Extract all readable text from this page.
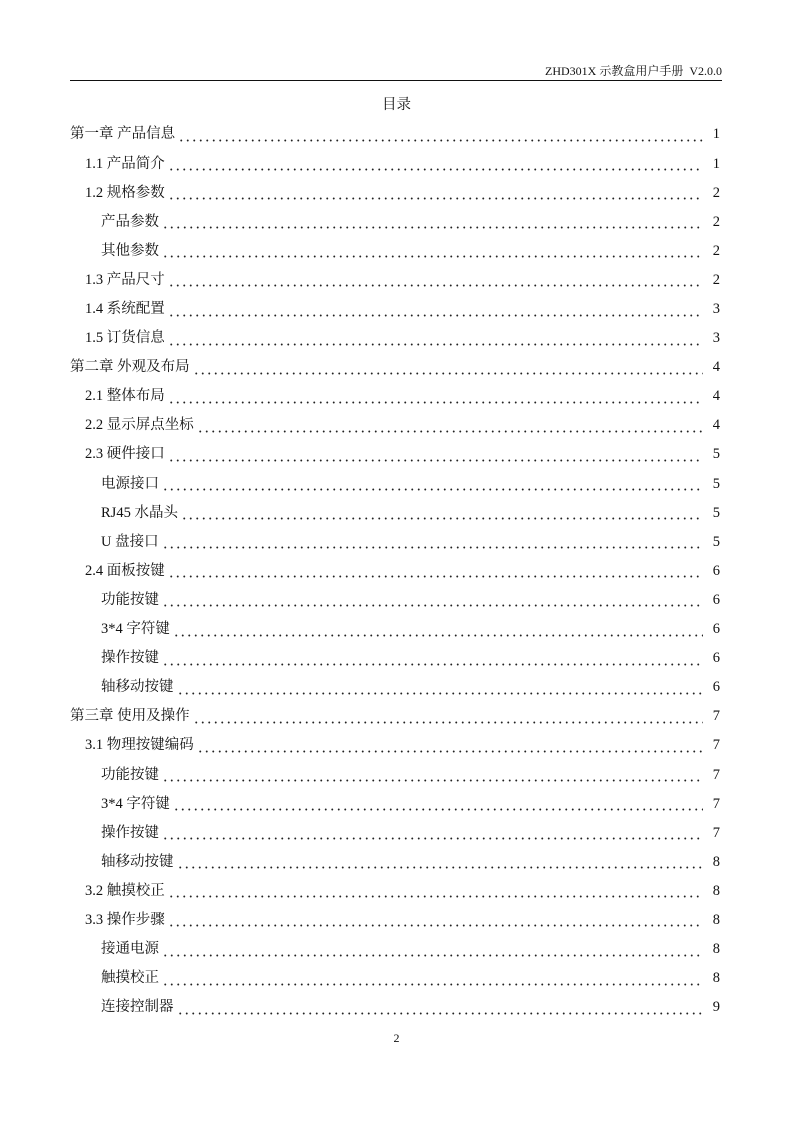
ZHD301X 示教盒用户手册  V2.0.0
目录
第一章 产品信息	1
1.1 产品简介	1
1.2 规格参数	2
产品参数	2
其他参数	2
1.3 产品尺寸	2
1.4 系统配置	3
1.5 订货信息	3
第二章 外观及布局	4
2.1 整体布局	4
2.2 显示屏点坐标	4
2.3 硬件接口	5
电源接口	5
RJ45 水晶头	5
U 盘接口	5
2.4 面板按键	6
功能按键	6
3*4 字符键	6
操作按键	6
轴移动按键	6
第三章 使用及操作	7
3.1 物理按键编码	7
功能按键	7
3*4 字符键	7
操作按键	7
轴移动按键	8
3.2 触摸校正	8
3.3 操作步骤	8
接通电源	8
触摸校正	8
连接控制器	9
2
